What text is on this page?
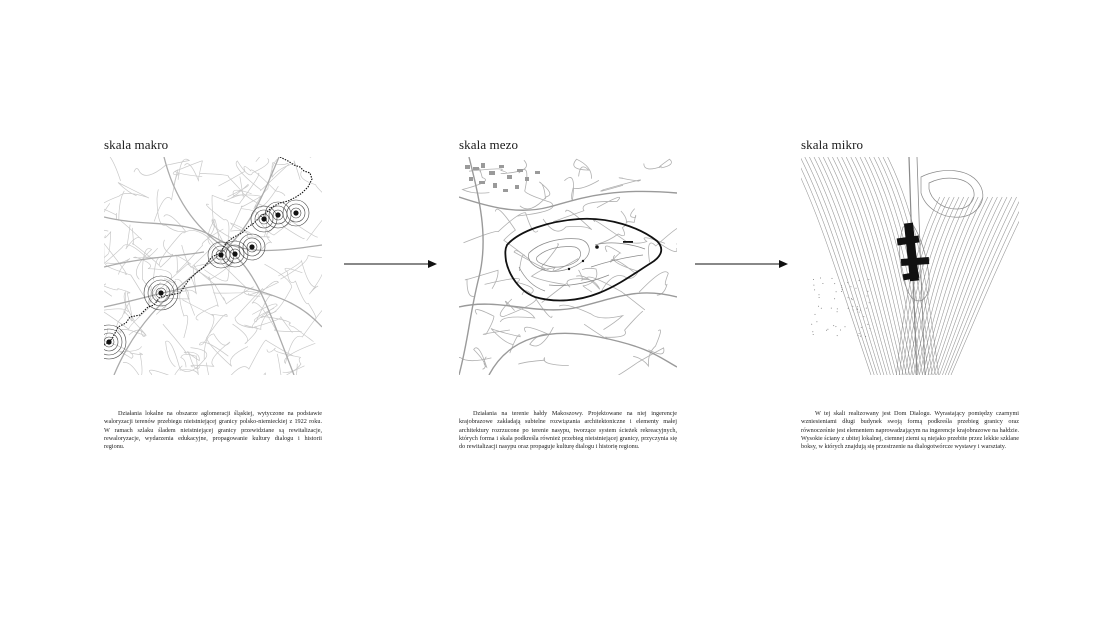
skala makro
Działania lokalne na obszarze aglomeracji śląskiej, wytyczone na podstawie waloryzacji terenów przebiegu nieistniejącej granicy polsko-niemieckiej z 1922 roku. W ramach szlaku śladem nieistniejącej granicy przewidziane są rewitalizacje, rewaloryzacje, wydarzenia edukacyjne, propagowanie kultury dialogu i historii regionu.
skala mezo
Działania na terenie hałdy Makoszowy. Projektowane na niej ingerencje krajobrazowe zakładają subtelne rozwiązania architektoniczne i elementy małej architektury rozrzucone po terenie nasypu, tworzące system ścieżek rekreacyjnych, których forma i skala podkreśla również przebieg nieistniejącej granicy, przyczynia się do rewitalizacji nasypu oraz propaguje kulturę dialogu i historię regionu.
skala mikro
W tej skali realizowany jest Dom Dialogu. Wyrastający pomiędzy czarnymi wzniesieniami długi budynek swoją formą podkreśla przebieg granicy oraz równocześnie jest elementem naprowadzającym na ingerencje krajobrazowe na hałdzie. Wysokie ściany z ubitej lokalnej, ciemnej ziemi są niejako przebite przez lekkie szklane boksy, w których znajdują się przestrzenie na dialogotwórcze wystawy i warsztaty.
